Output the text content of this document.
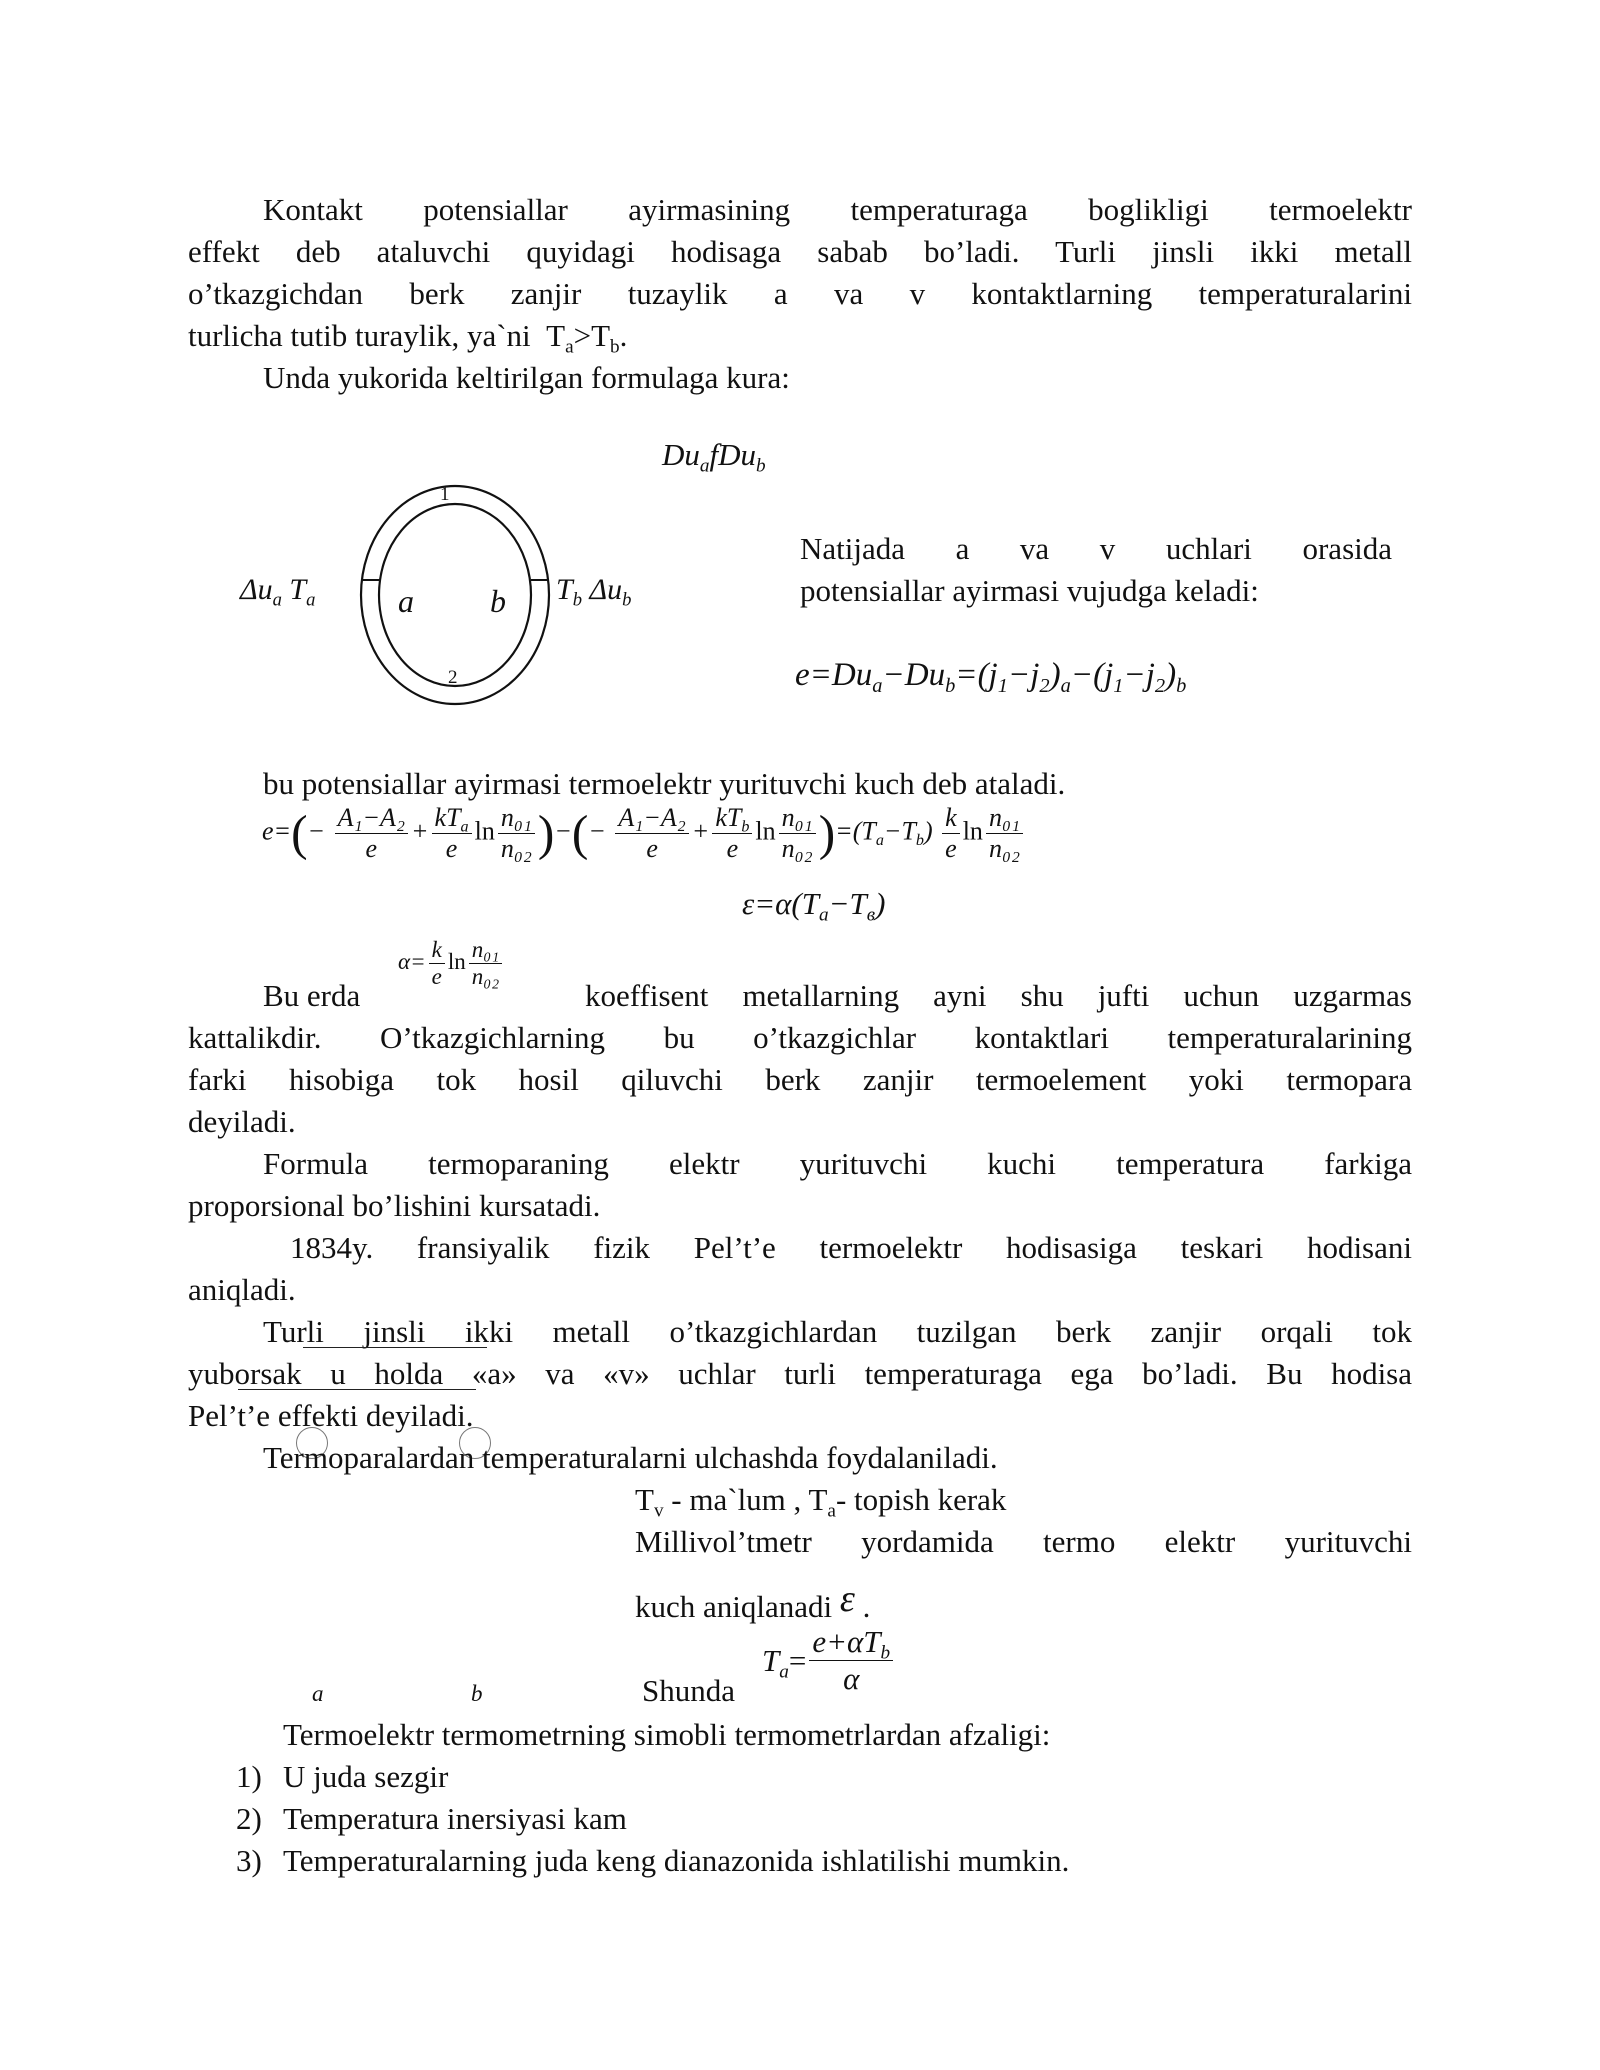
Kontakt potensiallar ayirmasining temperaturaga boglikligi termoelektr
effekt deb ataluvchi quyidagi hodisaga sabab bo’ladi. Turli jinsli ikki metall
o’tkazgichdan berk zanjir tuzaylik a va v kontaktlarning temperaturalarini
turlicha tutib turaylik, ya`ni $T_a>T_b$.
Unda yukorida keltirilgan formulaga kura:
$Du_afDu_b$
1
2
a b
$\Delta u_a$ $T_a$	$T_b$ $\Delta u_b$
Natijada a va v uchlari orasida
potensiallar ayirmasi vujudga keladi:
$e=Du_a-Du_b=(j_1-j_2)_a-(j_1-j_2)_b$
bu potensiallar ayirmasi termoelektr yurituvchi kuch deb ataladi.
$e=(- \frac{\text{A₁−A₂}}{e} + \frac{kT_a}{e}$ $\ln \frac{\text{n₀₁}}{\text{n₀₂}}$ )−(− $\frac{\text{A₁−A₂}}{e} + \frac{kT_b}{e}$ $\ln \frac{\text{n₀₁}}{\text{n₀₂}} )=(T_a-T_b) \frac{k}{e}$ $\ln \frac{\text{n₀₁}}{\text{n₀₂}}$
$\varepsilon=\alpha(T_a-T_в)$
$\alpha= \frac{k}{e}$ $\ln \frac{\text{n₀₁}}{\text{n₀₂}}$
Bu erda	koeffisent metallarning ayni shu jufti uchun uzgarmas
kattalikdir. O’tkazgichlarning bu o’tkazgichlar kontaktlari temperaturalarining
farki hisobiga tok hosil qiluvchi berk zanjir termoelement yoki termopara
deyiladi.
Formula termoparaning elektr yurituvchi kuchi temperatura farkiga
proporsional bo’lishini kursatadi.
1834y. fransiyalik fizik Pel’t’e termoelektr hodisasiga teskari hodisani
aniqladi.
Turli jinsli ikki metall o’tkazgichlardan tuzilgan berk zanjir orqali tok
yuborsak u holda «a» va «v» uchlar turli temperaturaga ega bo’ladi. Bu hodisa
Pel’t’e effekti deyiladi.
Termoparalardan temperaturalarni ulchashda foydalaniladi.
$T_v$ - ma`lum , $T_a-$ topish kerak
Millivol’tmetr yordamida termo elektr yurituvchi
kuch aniqlanadi ε .
a	b	Shunda
$T_a= \frac{e+\alpha T_b}{\alpha}$
Termoelektr termometrning simobli termometrlardan afzaligi:
1) U juda sezgir
2) Temperatura inersiyasi kam
3) Temperaturalarning juda keng dianazonida ishlatilishi mumkin.
